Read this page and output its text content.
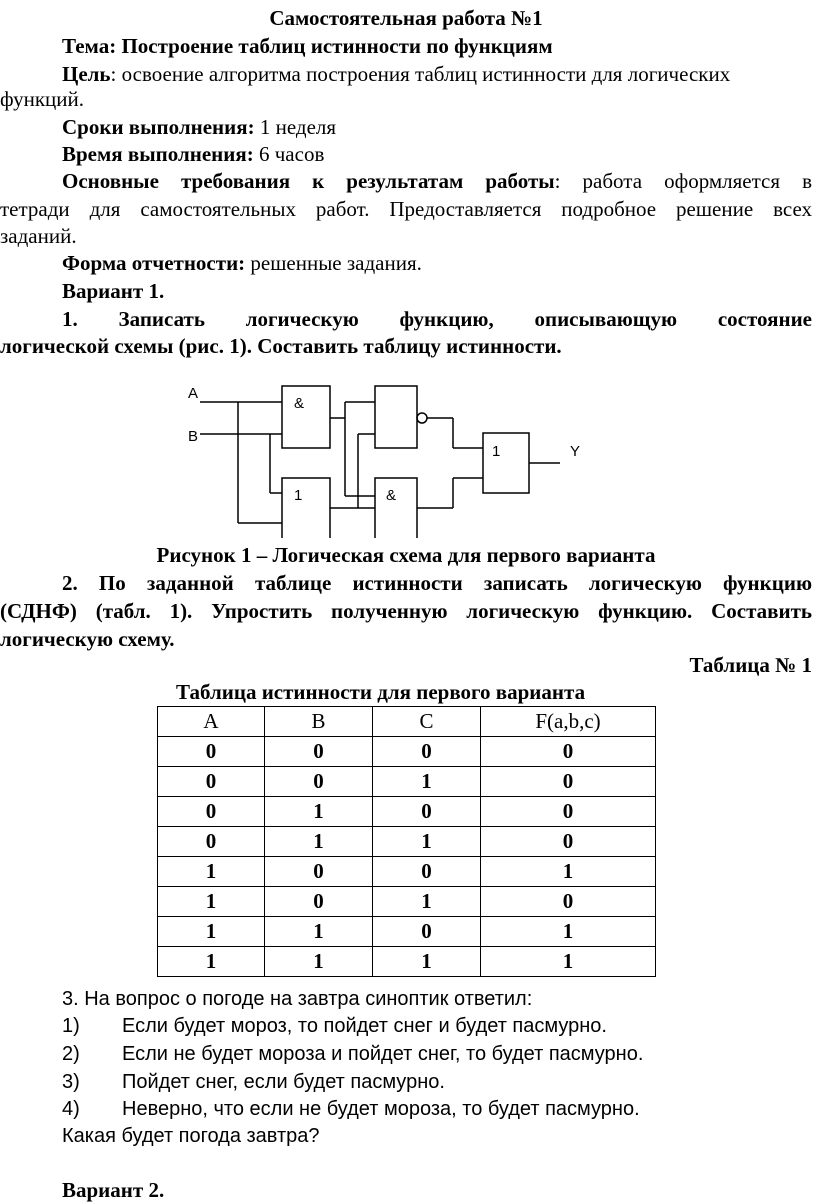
Самостоятельная работа №1
Тема: Построение таблиц истинности по функциям
Цель: освоение алгоритма построения таблиц истинности для логических
функций.
Сроки выполнения: 1 неделя
Время выполнения: 6 часов
Основные требования к результатам работы: работа оформляется в
тетради для самостоятельных работ. Предоставляется подробное решение всех
заданий.
Форма отчетности: решенные задания.
Вариант 1.
1. Записать логическую функцию, описывающую состояние
логической схемы (рис. 1). Составить таблицу истинности.
A
B
&
1	&
1	Y
Рисунок 1 – Логическая схема для первого варианта
2. По заданной таблице истинности записать логическую функцию
(СДНФ) (табл. 1). Упростить полученную логическую функцию. Составить
логическую схему.
Таблица № 1
Таблица истинности для первого варианта
A	B	C	F(a,b,c)
0	0	0	0
0	0	1	0
0	1	0	0
0	1	1	0
1	0	0	1
1	0	1	0
1	1	0	1
1	1	1	1
3. На вопрос о погоде на завтра синоптик ответил:
1)	Если будет мороз, то пойдет снег и будет пасмурно.
2)	Если не будет мороза и пойдет снег, то будет пасмурно.
3)	Пойдет снег, если будет пасмурно.
4)	Неверно, что если не будет мороза, то будет пасмурно.
Какая будет погода завтра?
Вариант 2.
